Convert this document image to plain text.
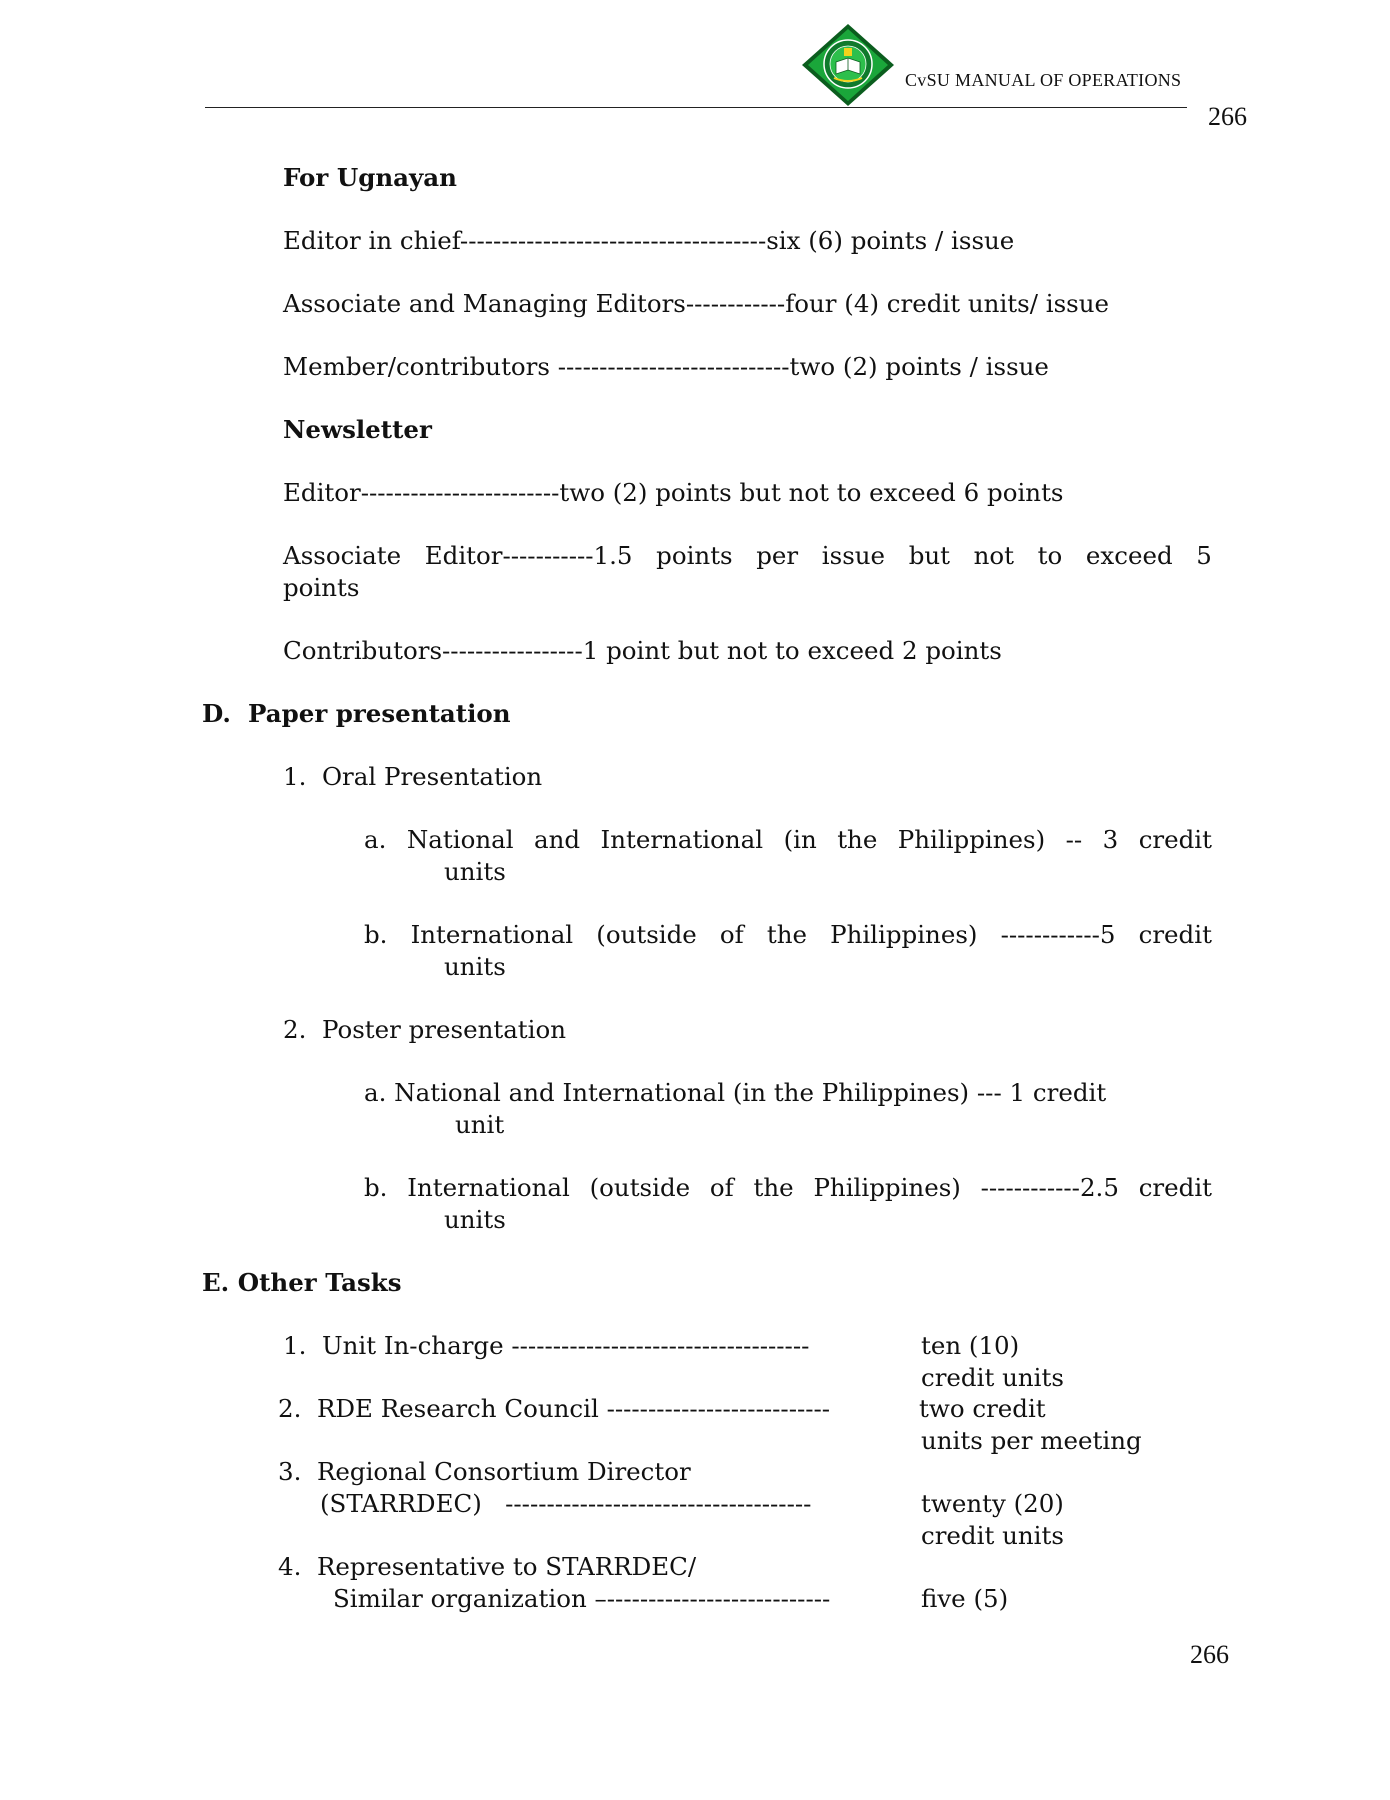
CvSU MANUAL OF OPERATIONS
266
For Ugnayan
Editor in chief-------------------------------------six (6) points / issue
Associate and Managing Editors------------four (4) credit units/ issue
Member/contributors ----------------------------two (2) points / issue
Newsletter
Editor------------------------two (2) points but not to exceed 6 points
Associate Editor-----------1.5 points per issue but not to exceed 5
points
Contributors-----------------1 point but not to exceed 2 points
D.  Paper presentation
1.  Oral Presentation
a. National and International (in the Philippines) -- 3 credit
units
b. International (outside of the Philippines) ------------5 credit
units
2.  Poster presentation
a. National and International (in the Philippines) --- 1 credit
unit
b. International (outside of the Philippines) ------------2.5 credit
units
E. Other Tasks
1.  Unit In-charge ------------------------------------	ten (10)
credit units
2.  RDE Research Council ---------------------------	two credit
units per meeting
3.  Regional Consortium Director
(STARRDEC)   -------------------------------------	twenty (20)
credit units
4.  Representative to STARRDEC/
Similar organization –---------------------------	five (5)
266
